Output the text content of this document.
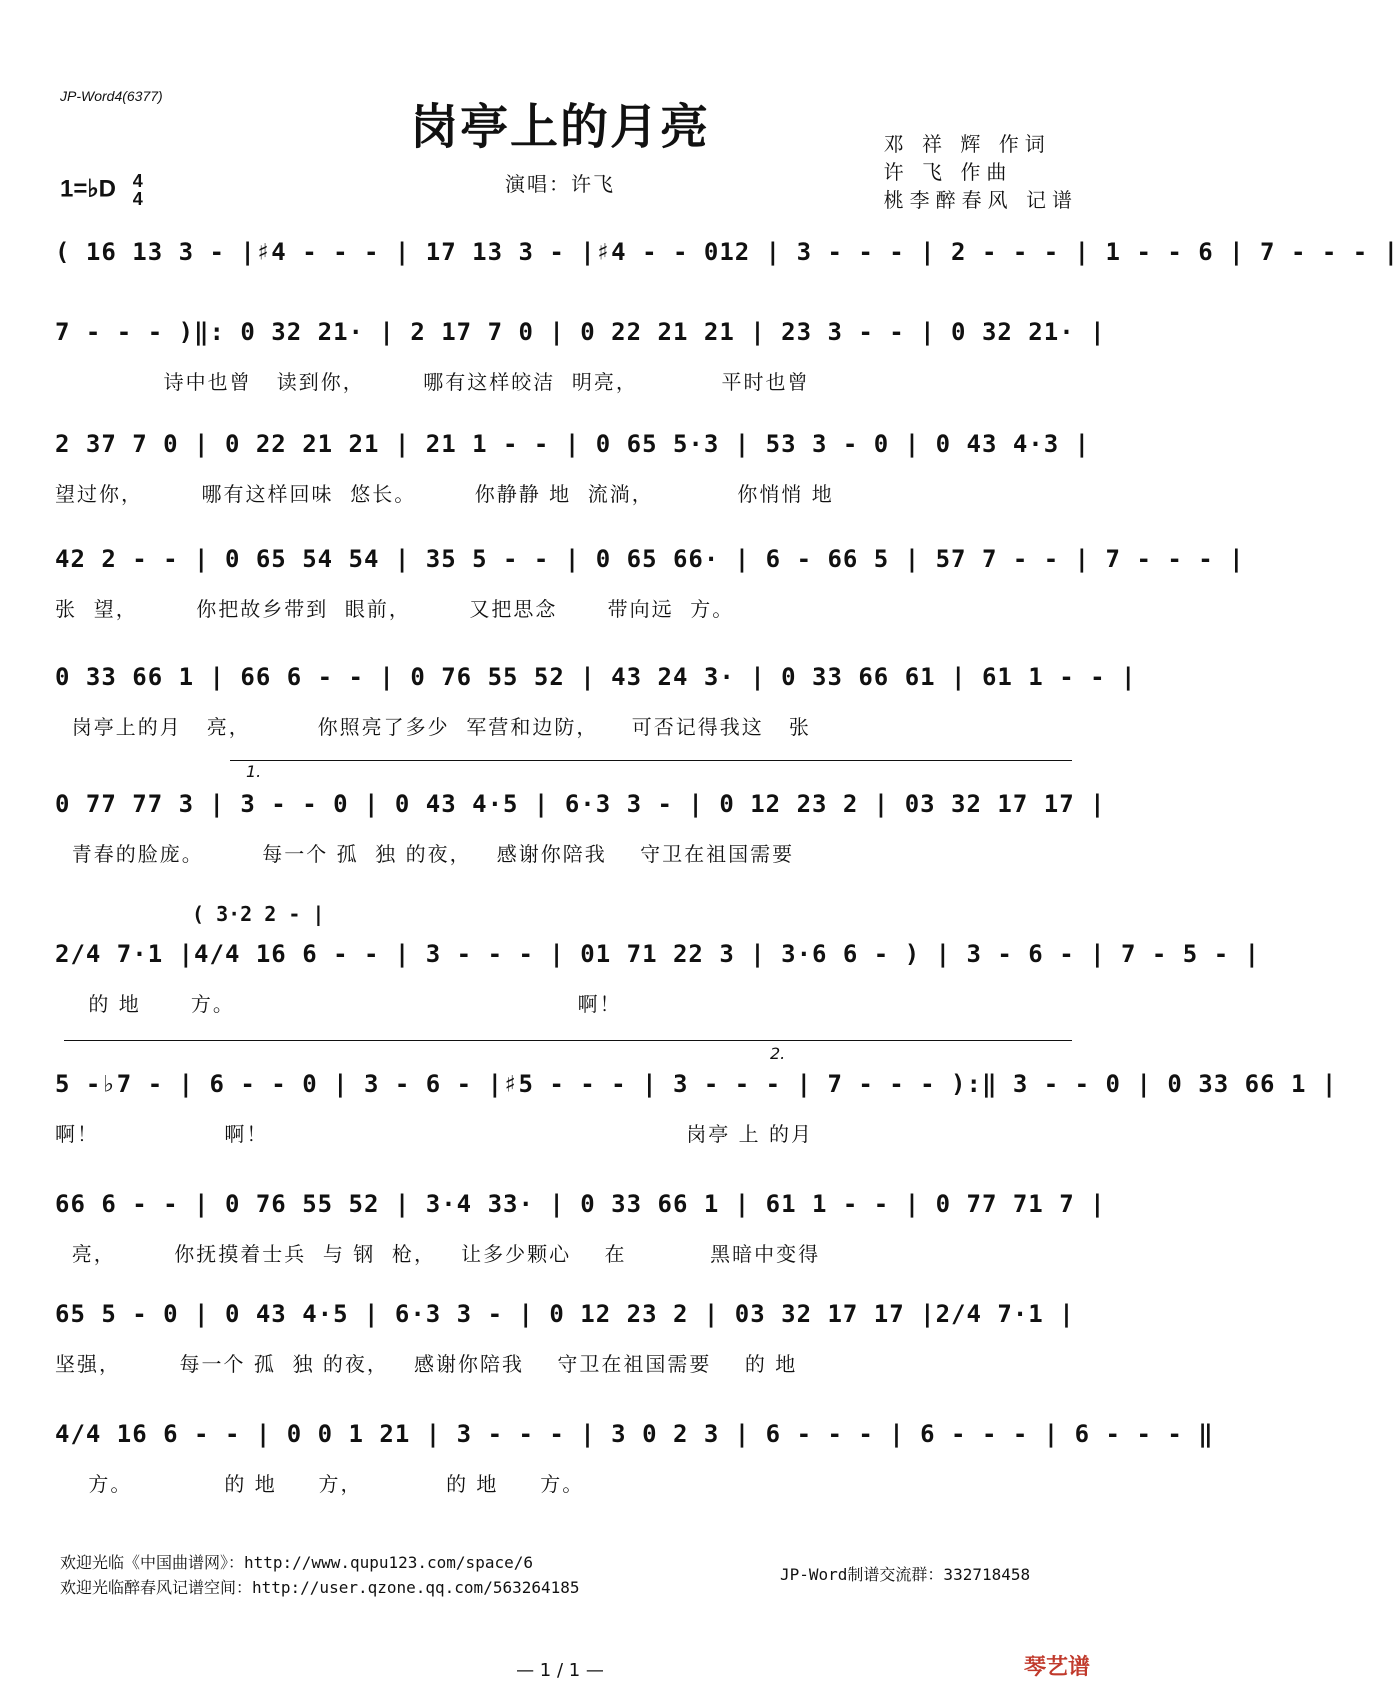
JP-Word4(6377)
岗亭上的月亮	邓 祥 辉 作词
许 飞 作曲
桃李醉春风 记谱
1=♭D 4
4
演唱：许飞
1.
( 3·2 2 - |
2.
( 16 13 3 - |♯4 - - - | 17 13 3 - |♯4 - - 012 | 3 - - - | 2 - - - | 1 - - 6 | 7 - - - |
7 - - - )‖: 0 32 21· | 2 17 7 0 | 0 22 21 21 | 23 3 - - | 0 32 21· |
诗中也曾   读到你，       哪有这样皎洁  明亮，          平时也曾
2 37 7 0 | 0 22 21 21 | 21 1 - - | 0 65 5·3 | 53 3 - 0 | 0 43 4·3 |
望过你，       哪有这样回味  悠长。       你静静 地  流淌，          你悄悄 地
42 2 - - | 0 65 54 54 | 35 5 - - | 0 65 66· | 6 - 66 5 | 57 7 - - | 7 - - - |
张  望，       你把故乡带到  眼前，       又把思念      带向远  方。
0 33 66 1 | 66 6 - - | 0 76 55 52 | 43 24 3· | 0 33 66 61 | 61 1 - - |
岗亭上的月   亮，        你照亮了多少  军营和边防，    可否记得我这   张
0 77 77 3 | 3 - - 0 | 0 43 4·5 | 6·3 3 - | 0 12 23 2 | 03 32 17 17 |
青春的脸庞。       每一个 孤  独 的夜，   感谢你陪我    守卫在祖国需要
2/4 7·1 |4/4 16 6 - - | 3 - - - | 01 71 22 3 | 3·6 6 - ) | 3 - 6 - | 7 - 5 - |
的 地      方。                                         啊！
5 -♭7 - | 6 - - 0 | 3 - 6 - |♯5 - - - | 3 - - - | 7 - - - ):‖ 3 - - 0 | 0 33 66 1 |
啊！               啊！                                                  岗亭 上 的月
66 6 - - | 0 76 55 52 | 3·4 33· | 0 33 66 1 | 61 1 - - | 0 77 71 7 |
亮，       你抚摸着士兵  与 钢  枪，   让多少颗心    在          黑暗中变得
65 5 - 0 | 0 43 4·5 | 6·3 3 - | 0 12 23 2 | 03 32 17 17 |2/4 7·1 |
坚强，       每一个 孤  独 的夜，   感谢你陪我    守卫在祖国需要    的 地
4/4 16 6 - - | 0 0 1 21 | 3 - - - | 3 0 2 3 | 6 - - - | 6 - - - | 6 - - - ‖
方。           的 地     方，          的 地     方。
欢迎光临《中国曲谱网》：http://www.qupu123.com/space/6
欢迎光临醉春风记谱空间：http://user.qzone.qq.com/563264185
JP-Word制谱交流群：332718458
— 1 / 1 —	琴艺谱
